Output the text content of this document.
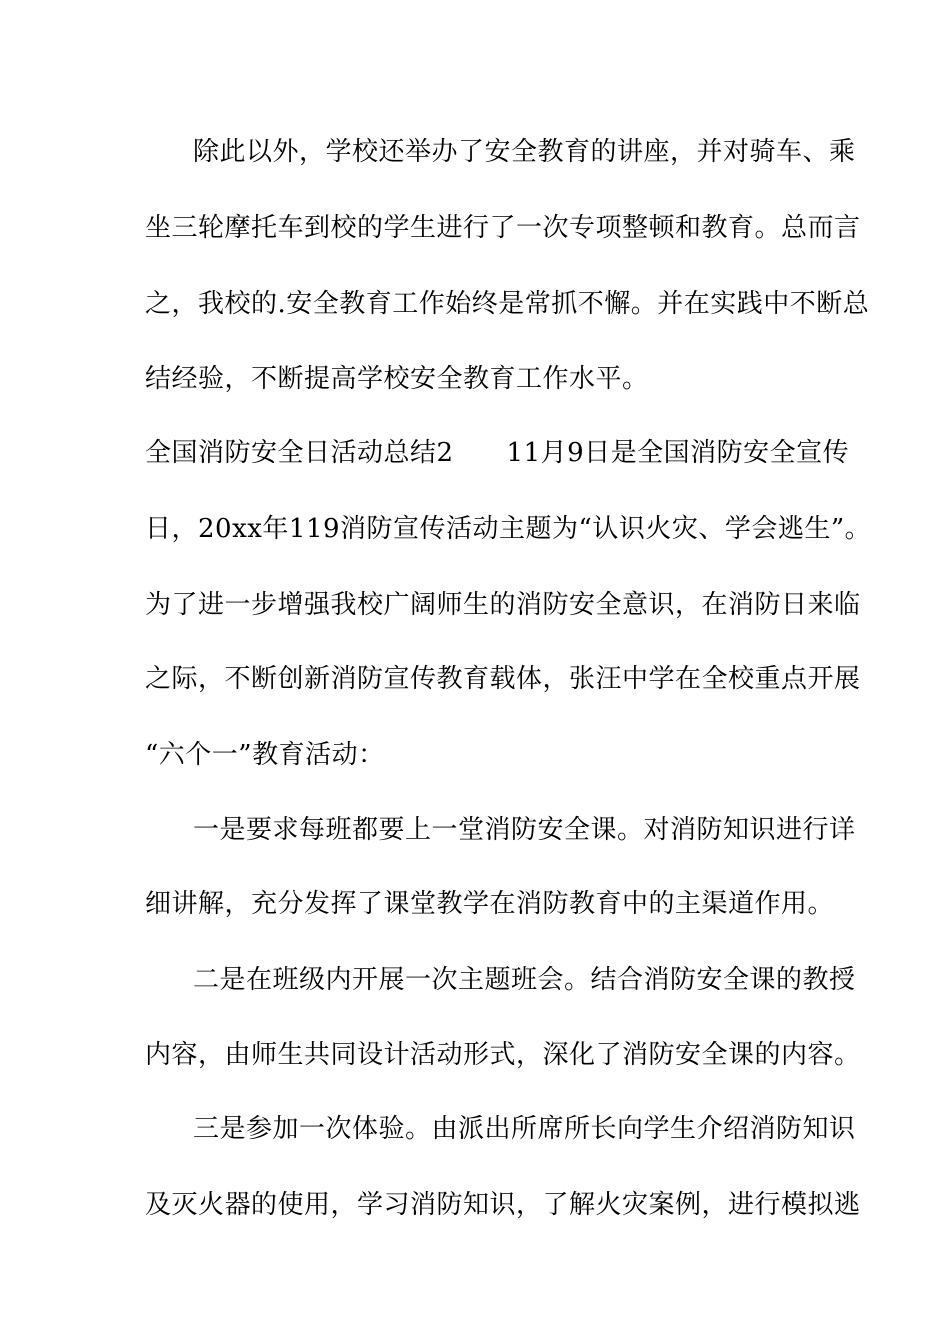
除此以外，学校还举办了安全教育的讲座，并对骑车、乘
坐三轮摩托车到校的学生进行了一次专项整顿和教育。总而言
之，我校的.安全教育工作始终是常抓不懈。并在实践中不断总
结经验，不断提高学校安全教育工作水平。
全国消防安全日活动总结2　　11月9日是全国消防安全宣传
日，20xx年119消防宣传活动主题为“认识火灾、学会逃生”。
为了进一步增强我校广阔师生的消防安全意识，在消防日来临
之际，不断创新消防宣传教育载体，张汪中学在全校重点开展
“六个一”教育活动：
一是要求每班都要上一堂消防安全课。对消防知识进行详
细讲解，充分发挥了课堂教学在消防教育中的主渠道作用。
二是在班级内开展一次主题班会。结合消防安全课的教授
内容，由师生共同设计活动形式，深化了消防安全课的内容。
三是参加一次体验。由派出所席所长向学生介绍消防知识
及灭火器的使用，学习消防知识，了解火灾案例，进行模拟逃
